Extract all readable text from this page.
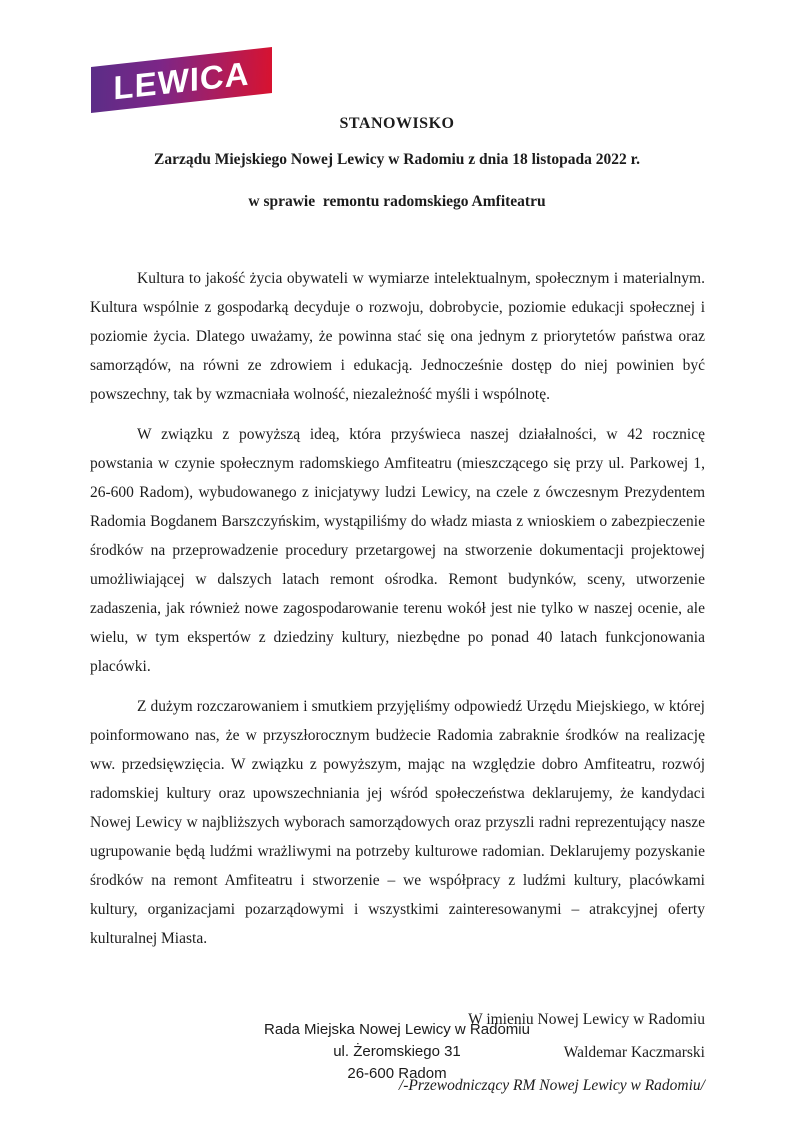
LEWICA
STANOWISKO
Zarządu Miejskiego Nowej Lewicy w Radomiu z dnia 18 listopada 2022 r.
w sprawie  remontu radomskiego Amfiteatru

Kultura to jakość życia obywateli w wymiarze intelektualnym, społecznym i materialnym. Kultura wspólnie z gospodarką decyduje o rozwoju, dobrobycie, poziomie edukacji społecznej i poziomie życia. Dlatego uważamy, że powinna stać się ona jednym z priorytetów państwa oraz samorządów, na równi ze zdrowiem i edukacją. Jednocześnie dostęp do niej powinien być powszechny, tak by wzmacniała wolność, niezależność myśli i wspólnotę.

W związku z powyższą ideą, która przyświeca naszej działalności, w 42 rocznicę powstania w czynie społecznym radomskiego Amfiteatru (mieszczącego się przy ul. Parkowej 1, 26-600 Radom), wybudowanego z inicjatywy ludzi Lewicy, na czele z ówczesnym Prezydentem Radomia Bogdanem Barszczyńskim, wystąpiliśmy do władz miasta z wnioskiem o zabezpieczenie środków na przeprowadzenie procedury przetargowej na stworzenie dokumentacji projektowej umożliwiającej w dalszych latach remont ośrodka. Remont budynków, sceny, utworzenie zadaszenia, jak również nowe zagospodarowanie terenu wokół jest nie tylko w naszej ocenie, ale wielu, w tym ekspertów z dziedziny kultury, niezbędne po ponad 40 latach funkcjonowania placówki.

Z dużym rozczarowaniem i smutkiem przyjęliśmy odpowiedź Urzędu Miejskiego, w której poinformowano nas, że w przyszłorocznym budżecie Radomia zabraknie środków na realizację ww. przedsięwzięcia. W związku z powyższym, mając na względzie dobro Amfiteatru, rozwój radomskiej kultury oraz upowszechniania jej wśród społeczeństwa deklarujemy, że kandydaci Nowej Lewicy w najbliższych wyborach samorządowych oraz przyszli radni reprezentujący nasze ugrupowanie będą ludźmi wrażliwymi na potrzeby kulturowe radomian. Deklarujemy pozyskanie środków na remont Amfiteatru i stworzenie – we współpracy z ludźmi kultury, placówkami kultury, organizacjami pozarządowymi i wszystkimi zainteresowanymi – atrakcyjnej oferty kulturalnej Miasta.

W imieniu Nowej Lewicy w Radomiu
Waldemar Kaczmarski
/-Przewodniczący RM Nowej Lewicy w Radomiu/
Rada Miejska Nowej Lewicy w Radomiu
ul. Żeromskiego 31
26-600 Radom
